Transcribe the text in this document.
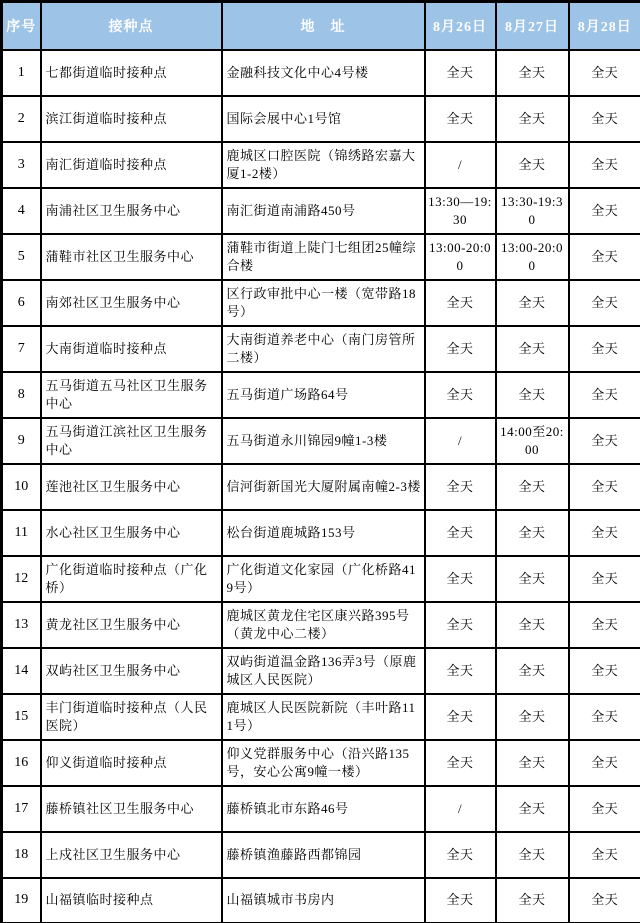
序号	接种点	地　址	8月26日	8月27日	8月28日
1	七都街道临时接种点	金融科技文化中心4号楼	全天	全天	全天
2	滨江街道临时接种点	国际会展中心1号馆	全天	全天	全天
3	南汇街道临时接种点	鹿城区口腔医院（锦绣路宏嘉大厦1-2楼）	/	全天	全天
4	南浦社区卫生服务中心	南汇街道南浦路450号	13:30—19:30	13:30-19:30	全天
5	蒲鞋市社区卫生服务中心	蒲鞋市街道上陡门七组团25幢综合楼	13:00-20:00	13:00-20:00	全天
6	南郊社区卫生服务中心	区行政审批中心一楼（宽带路18号）	全天	全天	全天
7	大南街道临时接种点	大南街道养老中心（南门房管所二楼）	全天	全天	全天
8	五马街道五马社区卫生服务中心	五马街道广场路64号	全天	全天	全天
9	五马街道江滨社区卫生服务中心	五马街道永川锦园9幢1-3楼	/	14:00至20:00	全天
10	莲池社区卫生服务中心	信河街新国光大厦附属南幢2-3楼	全天	全天	全天
11	水心社区卫生服务中心	松台街道鹿城路153号	全天	全天	全天
12	广化街道临时接种点（广化桥）	广化街道文化家园（广化桥路419号）	全天	全天	全天
13	黄龙社区卫生服务中心	鹿城区黄龙住宅区康兴路395号（黄龙中心二楼）	全天	全天	全天
14	双屿社区卫生服务中心	双屿街道温金路136弄3号（原鹿城区人民医院）	全天	全天	全天
15	丰门街道临时接种点（人民医院）	鹿城区人民医院新院（丰叶路111号）	全天	全天	全天
16	仰义街道临时接种点	仰义党群服务中心（沿兴路135号，安心公寓9幢一楼）	全天	全天	全天
17	藤桥镇社区卫生服务中心	藤桥镇北市东路46号	/	全天	全天
18	上戍社区卫生服务中心	藤桥镇渔藤路西都锦园	全天	全天	全天
19	山福镇临时接种点	山福镇城市书房内	全天	全天	全天
